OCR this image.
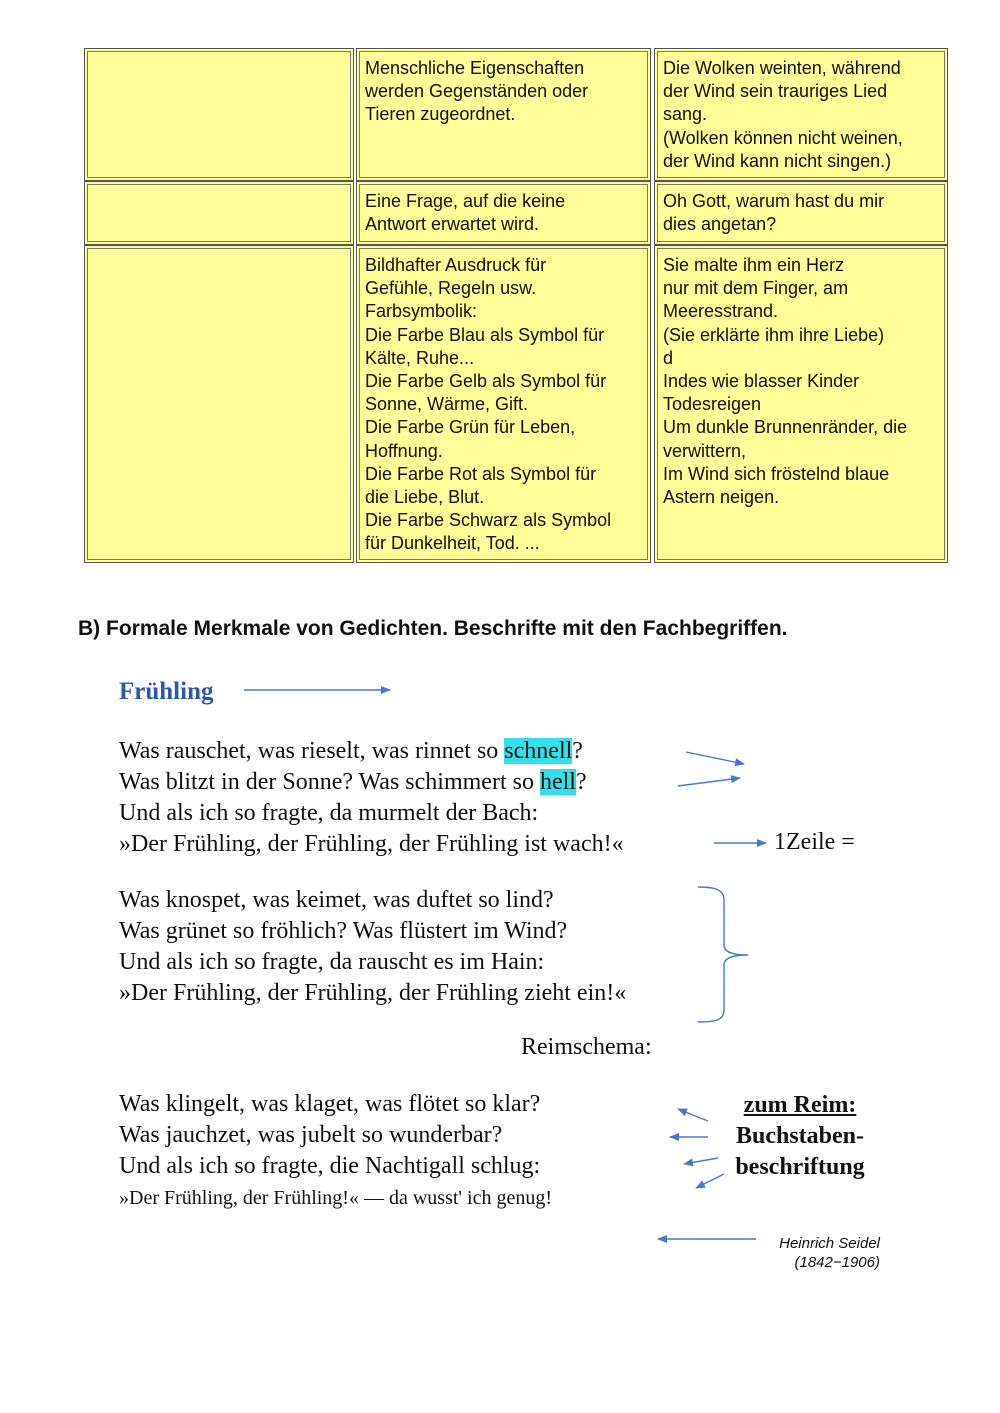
Menschliche Eigenschaften
werden Gegenständen oder
Tieren zugeordnet.
Die Wolken weinten, während
der Wind sein trauriges Lied
sang.
(Wolken können nicht weinen,
der Wind kann nicht singen.)
Eine Frage, auf die keine
Antwort erwartet wird.
Oh Gott, warum hast du mir
dies angetan?
Bildhafter Ausdruck für
Gefühle, Regeln usw.
Farbsymbolik:
Die Farbe Blau als Symbol für
Kälte, Ruhe...
Die Farbe Gelb als Symbol für
Sonne, Wärme, Gift.
Die Farbe Grün für Leben,
Hoffnung.
Die Farbe Rot als Symbol für
die Liebe, Blut.
Die Farbe Schwarz als Symbol
für Dunkelheit, Tod. ...
Sie malte ihm ein Herz
nur mit dem Finger, am
Meeresstrand.
(Sie erklärte ihm ihre Liebe)
d
Indes wie blasser Kinder
Todesreigen
Um dunkle Brunnenränder, die
verwittern,
Im Wind sich fröstelnd blaue
Astern neigen.
B) Formale Merkmale von Gedichten. Beschrifte mit den Fachbegriffen.
Frühling
Was rauschet, was rieselt, was rinnet so schnell?
Was blitzt in der Sonne? Was schimmert so hell?
Und als ich so fragte, da murmelt der Bach:
»Der Frühling, der Frühling, der Frühling ist wach!«
Was knospet, was keimet, was duftet so lind?
Was grünet so fröhlich? Was flüstert im Wind?
Und als ich so fragte, da rauscht es im Hain:
»Der Frühling, der Frühling, der Frühling zieht ein!«
Was klingelt, was klaget, was flötet so klar?
Was jauchzet, was jubelt so wunderbar?
Und als ich so fragte, die Nachtigall schlug:
»Der Frühling, der Frühling!« — da wusst' ich genug!
1Zeile =
Reimschema:
zum Reim:
Buchstaben-
beschriftung
Heinrich Seidel
(1842−1906)
